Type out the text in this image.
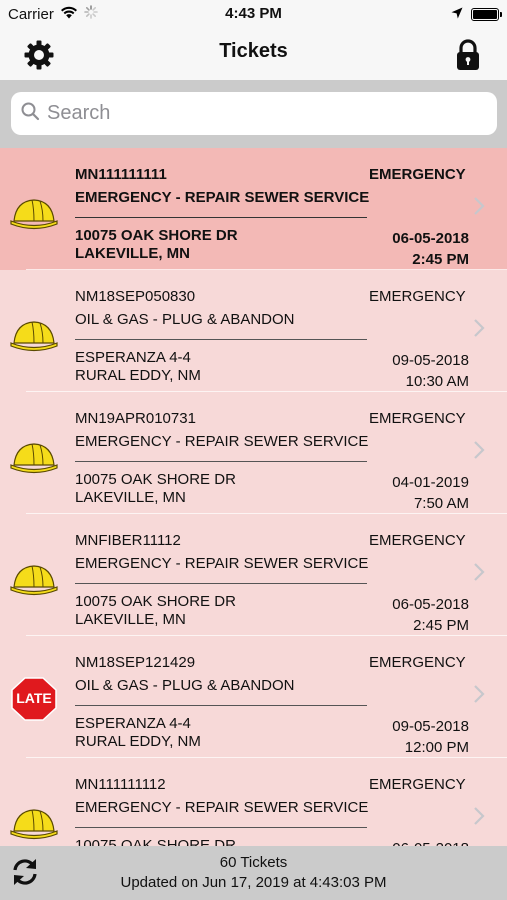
Carrier	4:43 PM
Tickets
Search
MN111111111	EMERGENCY
EMERGENCY - REPAIR SEWER SERVICE
10075 OAK SHORE DR
LAKEVILLE, MN
06-05-2018
2:45 PM
NM18SEP050830	EMERGENCY
OIL & GAS - PLUG & ABANDON
ESPERANZA 4-4
RURAL EDDY, NM
09-05-2018
10:30 AM
MN19APR010731	EMERGENCY
EMERGENCY - REPAIR SEWER SERVICE
10075 OAK SHORE DR
LAKEVILLE, MN
04-01-2019
7:50 AM
MNFIBER11112	EMERGENCY
EMERGENCY - REPAIR SEWER SERVICE
10075 OAK SHORE DR
LAKEVILLE, MN
06-05-2018
2:45 PM
LATE
NM18SEP121429	EMERGENCY
OIL & GAS - PLUG & ABANDON
ESPERANZA 4-4
RURAL EDDY, NM
09-05-2018
12:00 PM
MN111111112	EMERGENCY
EMERGENCY - REPAIR SEWER SERVICE
60 Tickets
Updated on Jun 17, 2019 at 4:43:03 PM
